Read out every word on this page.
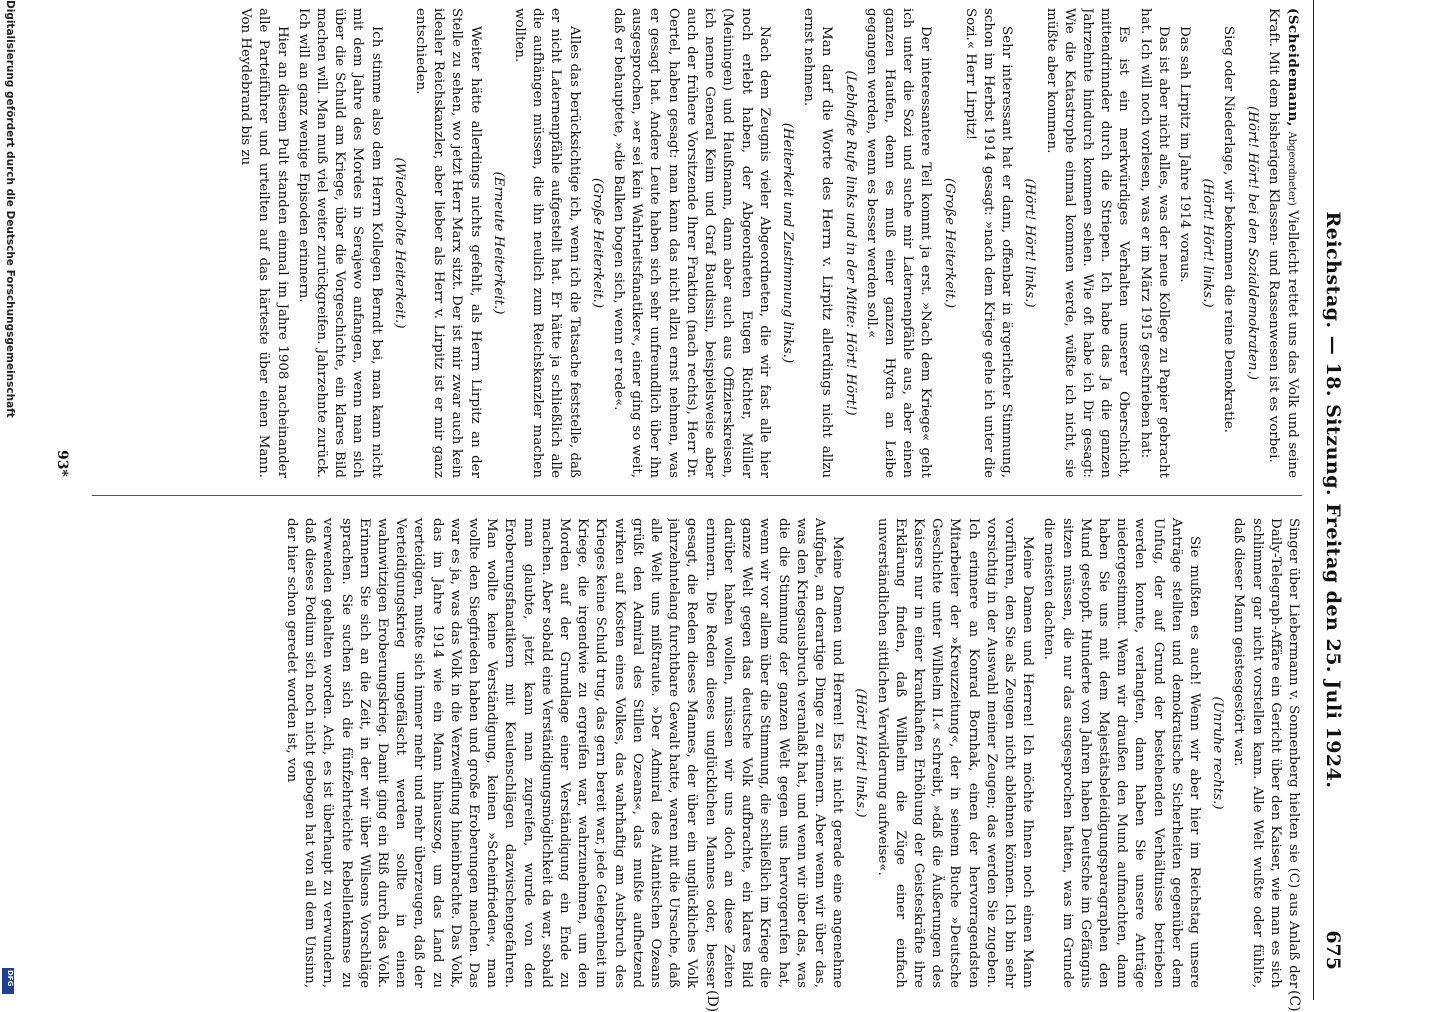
Digitalisierung gefördert durch die Deutsche Forschungsgemeinschaft
DFG
Reichstag. — 18. Sitzung. Freitag den 25. Juli 1924.
675
(C)
(D)

(Scheidemann, Abgeordneter) Vielleicht rettet uns das Volk und seine Kraft. Mit dem bisherigen Klassen- und Rassenwesen ist es vorbei.

(Hört! Hört! bei den Sozialdemokraten.)

Sieg oder Niederlage, wir bekommen die reine Demokratie.

(Hört! Hört! links.)

Das sah Lirpitz im Jahre 1914 voraus.

Das ist aber nicht alles, was der neue Kollege zu Papier gebracht hat. Ich will noch vorlesen, was er im März 1915 geschrieben hat:

Es ist ein merkwürdiges Verhalten unserer Oberschicht, mittendrinnder durch die Striepen. Ich habe das Ja die ganzen Jahrzehnte hindurch kommen sehen. Wie oft habe ich Dir gesagt: Wie die Katastrophe einmal kommen werde, wüßte ich nicht, sie müßte aber kommen.

(Hört! Hört! links.)

Sehr interessant hat er dann, offenbar in ärgerlicher Stimmung, schon im Herbst 1914 gesagt: »nach dem Kriege gehe ich unter die Sozi.« Herr Lirpitz!

(Große Heiterkeit.)

Der interessantere Teil kommt ja erst. »Nach dem Kriege« geht ich unter die Sozi und suche mir Laternenpfähle aus, aber einen ganzen Haufen, denn es muß einer ganzen Hydra an Leibe gegangen werden, wenn es besser werden soll.«

(Lebhafte Rufe links und in der Mitte: Hört! Hört!)

Man darf die Worte des Herrn v. Lirpitz allerdings nicht allzu ernst nehmen.

(Heiterkeit und Zustimmung links.)

Nach dem Zeugnis vieler Abgeordneten, die wir fast alle hier noch erlebt haben, der Abgeordneten Eugen Richter, Müller (Meiningen) und Haußmann, dann aber auch aus Offizierskreisen, ich nenne General Keim und Graf Baudissin, beispielsweise aber auch der frühere Vorsitzende Ihrer Fraktion (nach rechts), Herr Dr. Oertel, haben gesagt: man kann das nicht allzu ernst nehmen, was er gesagt hat. Andere Leute haben sich sehr unfreundlich über ihn ausgesprochen, »er sei kein Wahrheitsfanatiker«, einer ging so weit, daß er behauptete, »die Balken bogen sich, wenn er rede«.

(Große Heiterkeit.)

Alles das berücksichtige ich, wenn ich die Tatsache feststelle, daß er nicht Laternenpfähle aufgestellt hat. Er hätte ja schließlich alle die aufhängen müssen, die ihn neulich zum Reichskanzler machen wollten.

(Erneute Heiterkeit.)

Weiter hätte allerdings nichts gefehlt, als Herrn Lirpitz an der Stelle zu sehen, wo jetzt Herr Marx sitzt. Der ist mir zwar auch kein idealer Reichskanzler, aber lieber als Herr v. Lirpitz ist er mir ganz entschieden.

(Wiederholte Heiterkeit.)

Ich stimme also dem Herrn Kollegen Berndt bei, man kann nicht mit dem Jahre des Mordes in Serajewo anfangen, wenn man sich über die Schuld am Kriege, über die Vorgeschichte, ein klares Bild machen will. Man muß viel weiter zurückgreifen. Jahrzehnte zurück. Ich will an ganz wenige Episoden erinnern.

Hier an diesem Pult standen einmal im Jahre 1908 nacheinander alle Parteiführer und urteilten auf das härteste über einen Mann. Von Heydebrand bis zu

Singer über Liebermann v. Sonnenberg hielten sie (C) aus Anlaß der Daily-Telegraph-Affäre ein Gericht über den Kaiser, wie man es sich schlimmer gar nicht vorstellen kann. Alle Welt wußte oder fühlte, daß dieser Mann geistesgestört war.

(Unruhe rechts.)

Sie mußten es auch! Wenn wir aber hier im Reichstag unsere Anträge stellten und demokratische Sicherheiten gegenüber dem Unfug, der auf Grund der bestehenden Verhältnisse betrieben werden konnte, verlangten, dann haben Sie unsere Anträge niedergestimmt. Wenn wir draußen den Mund aufmachten, dann haben Sie uns mit dem Majestätsbeleidigungsparagraphen den Mund gestopft. Hunderte von Jahren haben Deutsche im Gefängnis sitzen müssen, die nur das ausgesprochen hatten, was im Grunde die meisten dachten.

Meine Damen und Herren! Ich möchte Ihnen noch einen Mann vorführen, den Sie als Zeugen nicht ablehnen können. Ich bin sehr vorsichtig in der Auswahl meiner Zeugen; das werden Sie zugeben. Ich erinnere an Konrad Bornhak, einen der hervorragendsten Mitarbeiter der »Kreuzzeitung«, der in seinem Buche »Deutsche Geschichte unter Wilhelm II.« schreibt, »daß die Äußerungen des Kaisers nur in einer krankhaften Erhöhung der Geisteskräfte ihre Erklärung finden, daß Wilhelm die Züge einer einfach unverständlichen sittlichen Verwilderung aufweise«.

(Hört! Hört! links.)

Meine Damen und Herren! Es ist nicht gerade eine angenehme Aufgabe, an derartige Dinge zu erinnern. Aber wenn wir über das, was den Kriegsausbruch veranlaßt hat, und wenn wir über das, was die die Stimmung der ganzen Welt gegen uns hervorgerufen hat, wenn wir vor allem über die Stimmung, die schließlich im Kriege die ganze Welt gegen das deutsche Volk aufbrachte, ein klares Bild darüber haben wollen, müssen wir uns doch an diese Zeiten erinnern. Die Reden dieses unglücklichen Mannes oder, besser gesagt, die Reden dieses Mannes, der über ein unglückliches Volk jahrzehntelang furchtbare Gewalt hatte, waren mit die Ursache, daß alle Welt uns mißtraute. »Der Admiral des Atlantischen Ozeans grüßt den Admiral des Stillen Ozeans«, das mußte aufhetzend wirken auf Kosten eines Volkes, das wahrhaftig am Ausbruch des Krieges keine Schuld trug, das gern bereit war, jede Gelegenheit im Kriege, die irgendwie zu ergreifen war, wahrzunehmen, um den Morden auf der Grundlage einer Verständigung ein Ende zu machen. Aber sobald eine Verständigungsmöglichkeit da war, sobald man glaubte, jetzt kann man zugreifen, wurde von den Eroberungsfanatikern mit Keulenschlägen dazwischengefahren. Man wollte keine Verständigung, keinen »Scheinfrieden«, man wollte den Siegfrieden haben und große Eroberungen machen. Das war es ja, was das Volk in die Verzweiflung hineinbrachte. Das Volk, das im Jahre 1914 wie ein Mann hinauszog, um das Land zu verteidigen, mußte sich immer mehr und mehr überzeugen, daß der Verteidigungskrieg umgefälscht werden sollte in einen wahnwitzigen Eroberungskrieg. Damit ging ein Riß durch das Volk. Erinnern Sie sich an die Zeit, in der wir über Wilsons Vorschläge sprachen. Sie suchen sich die fünfzehrteichte Rebellenkamse zu verwenden gehalten worden. Ach, es ist überhaupt zu verwundern, daß dieses Podium sich noch nicht gebogen hat von all dem Unsinn, der hier schon geredet worden ist, von

93*
